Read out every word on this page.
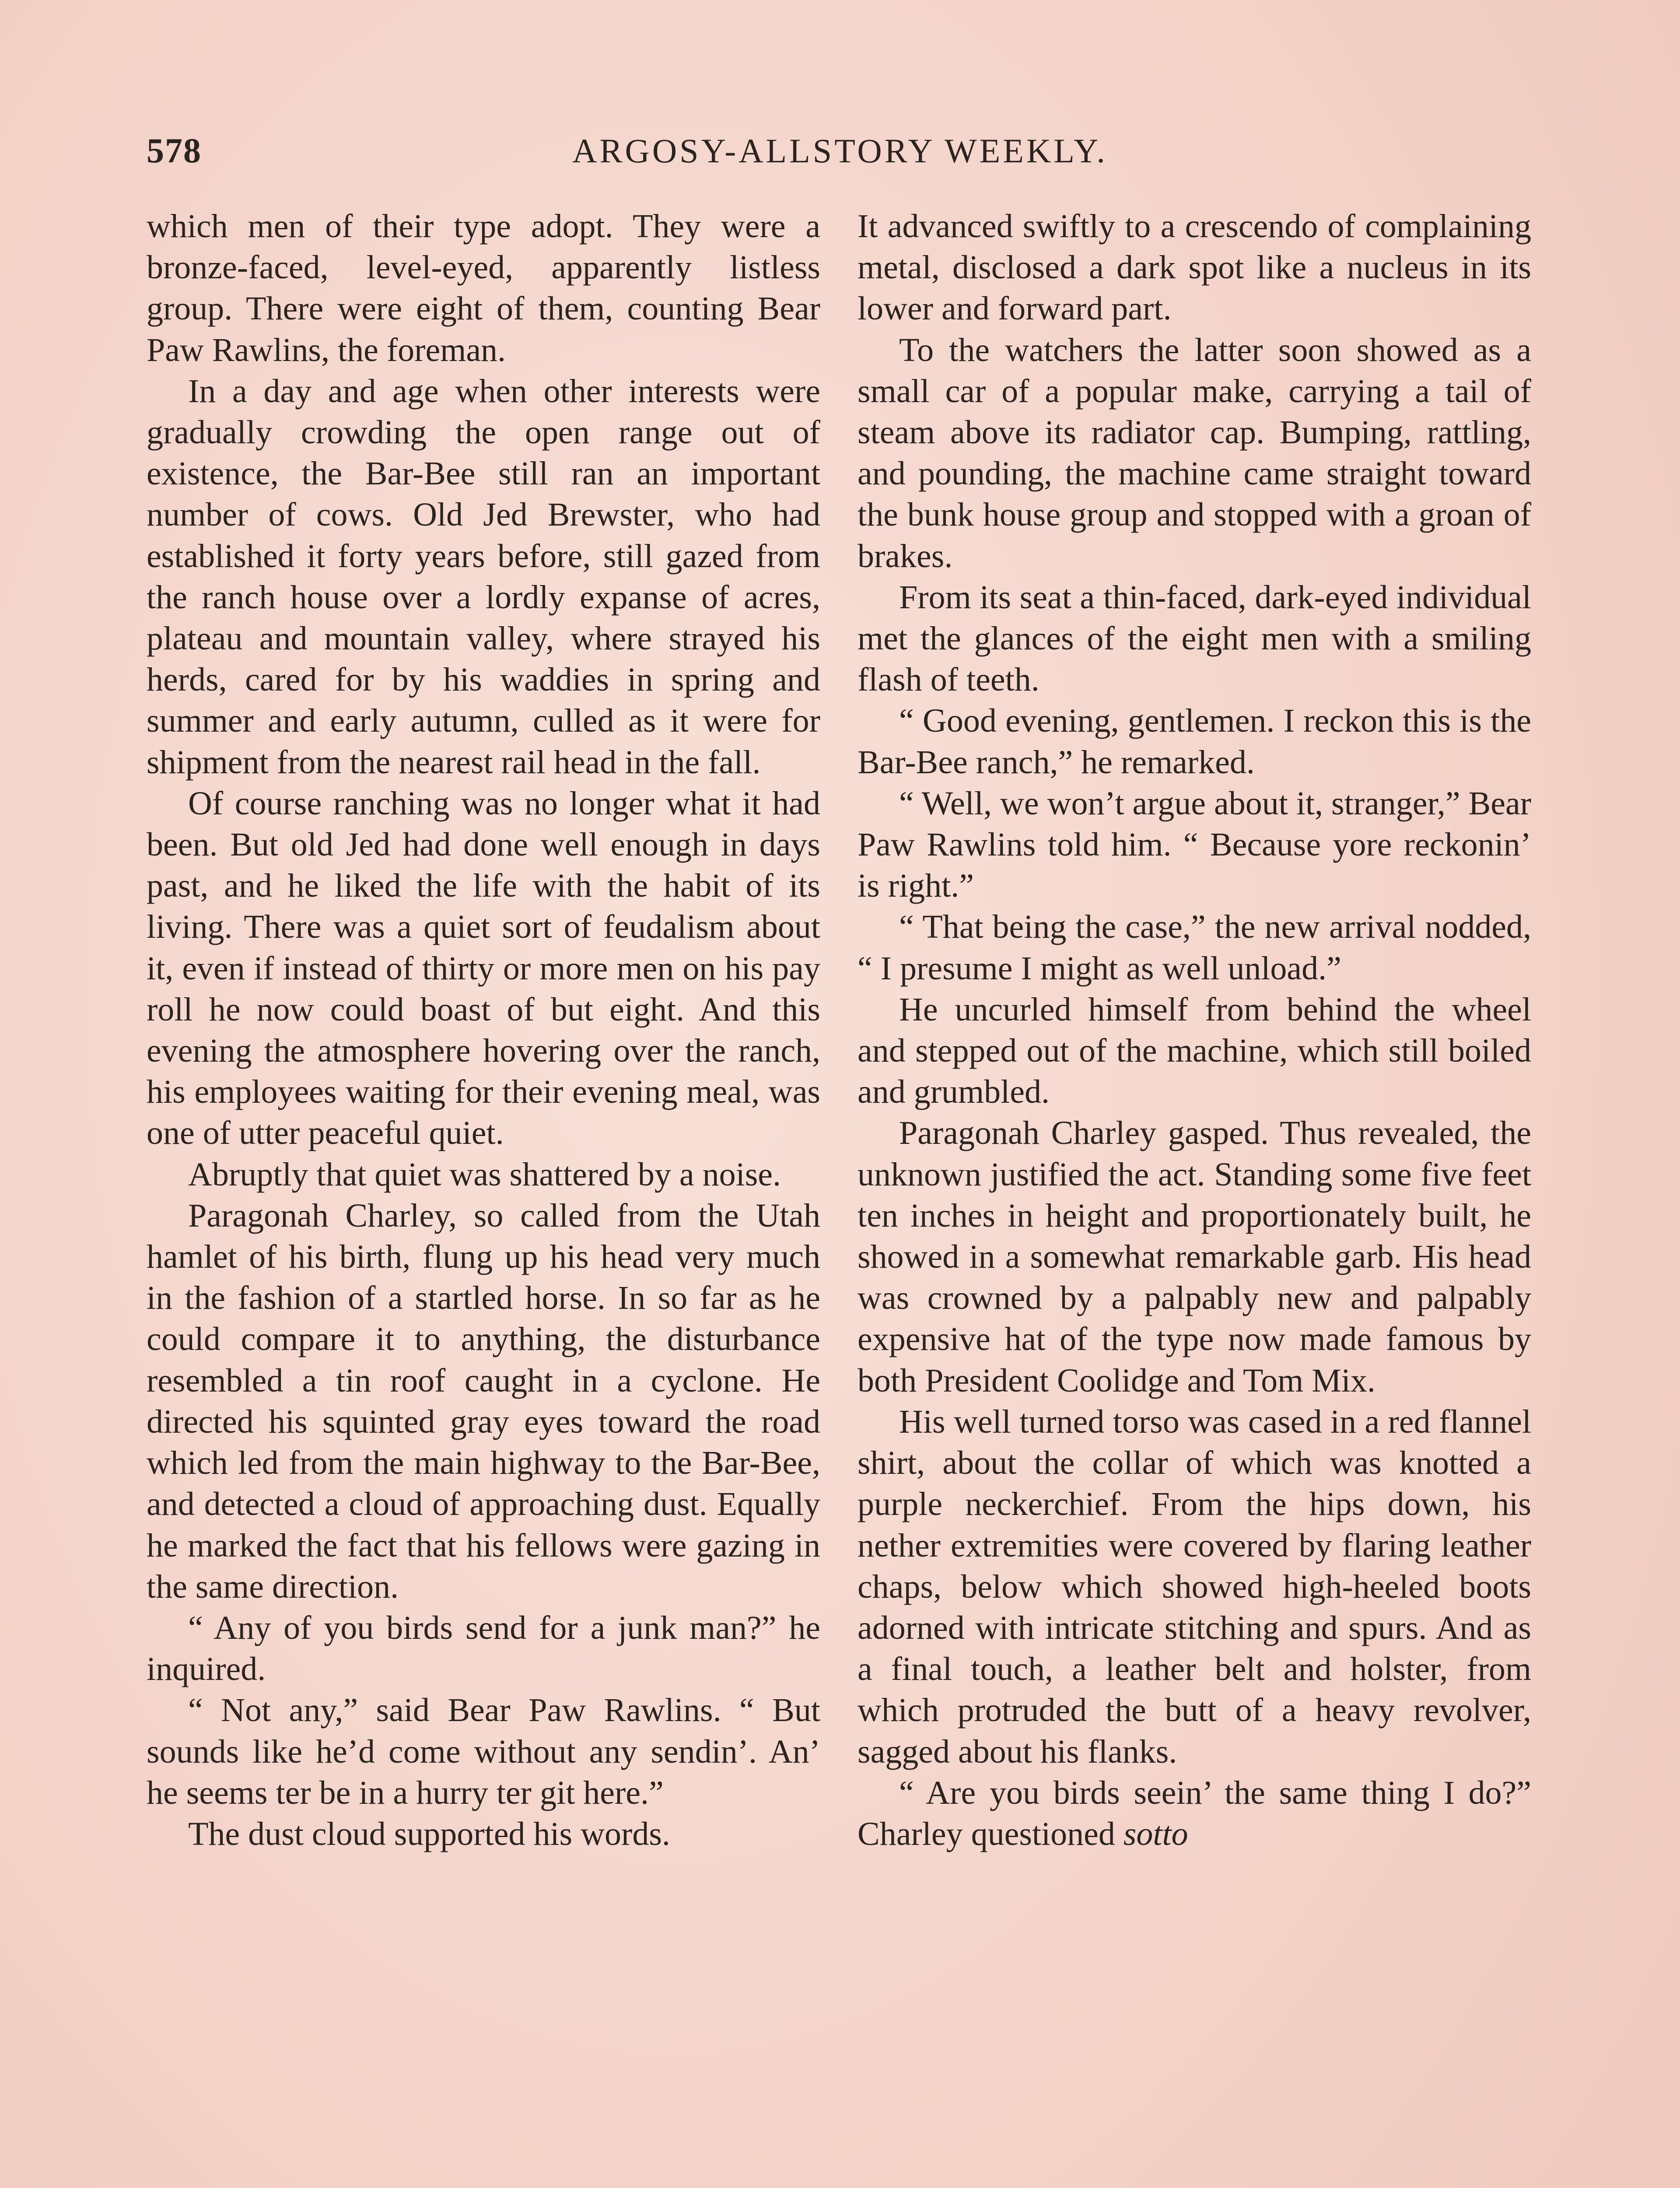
578	ARGOSY-ALLSTORY WEEKLY.

which men of their type adopt. They were a bronze-faced, level-eyed, apparently listless group. There were eight of them, counting Bear Paw Rawlins, the foreman.

In a day and age when other interests were gradually crowding the open range out of existence, the Bar-Bee still ran an important number of cows. Old Jed Brewster, who had established it forty years before, still gazed from the ranch house over a lordly expanse of acres, plateau and mountain valley, where strayed his herds, cared for by his waddies in spring and summer and early autumn, culled as it were for shipment from the nearest rail head in the fall.

Of course ranching was no longer what it had been. But old Jed had done well enough in days past, and he liked the life with the habit of its living. There was a quiet sort of feudalism about it, even if instead of thirty or more men on his pay roll he now could boast of but eight. And this evening the atmosphere hovering over the ranch, his employees waiting for their evening meal, was one of utter peaceful quiet.

Abruptly that quiet was shattered by a noise.

Paragonah Charley, so called from the Utah hamlet of his birth, flung up his head very much in the fashion of a startled horse. In so far as he could compare it to anything, the disturbance resembled a tin roof caught in a cyclone. He directed his squinted gray eyes toward the road which led from the main highway to the Bar-Bee, and detected a cloud of approaching dust. Equally he marked the fact that his fellows were gazing in the same direction.

“ Any of you birds send for a junk man?” he inquired.

“ Not any,” said Bear Paw Rawlins. “ But sounds like he’d come without any sendin’. An’ he seems ter be in a hurry ter git here.”

The dust cloud supported his words.

It advanced swiftly to a crescendo of complaining metal, disclosed a dark spot like a nucleus in its lower and forward part.

To the watchers the latter soon showed as a small car of a popular make, carrying a tail of steam above its radiator cap. Bumping, rattling, and pounding, the machine came straight toward the bunk house group and stopped with a groan of brakes.

From its seat a thin-faced, dark-eyed individual met the glances of the eight men with a smiling flash of teeth.

“ Good evening, gentlemen. I reckon this is the Bar-Bee ranch,” he remarked.

“ Well, we won’t argue about it, stranger,” Bear Paw Rawlins told him. “ Because yore reckonin’ is right.”

“ That being the case,” the new arrival nodded, “ I presume I might as well unload.”

He uncurled himself from behind the wheel and stepped out of the machine, which still boiled and grumbled.

Paragonah Charley gasped. Thus revealed, the unknown justified the act. Standing some five feet ten inches in height and proportionately built, he showed in a somewhat remarkable garb. His head was crowned by a palpably new and palpably expensive hat of the type now made famous by both President Coolidge and Tom Mix.

His well turned torso was cased in a red flannel shirt, about the collar of which was knotted a purple neckerchief. From the hips down, his nether extremities were covered by flaring leather chaps, below which showed high-heeled boots adorned with intricate stitching and spurs. And as a final touch, a leather belt and holster, from which protruded the butt of a heavy revolver, sagged about his flanks.

“ Are you birds seein’ the same thing I do?” Charley questioned sotto
